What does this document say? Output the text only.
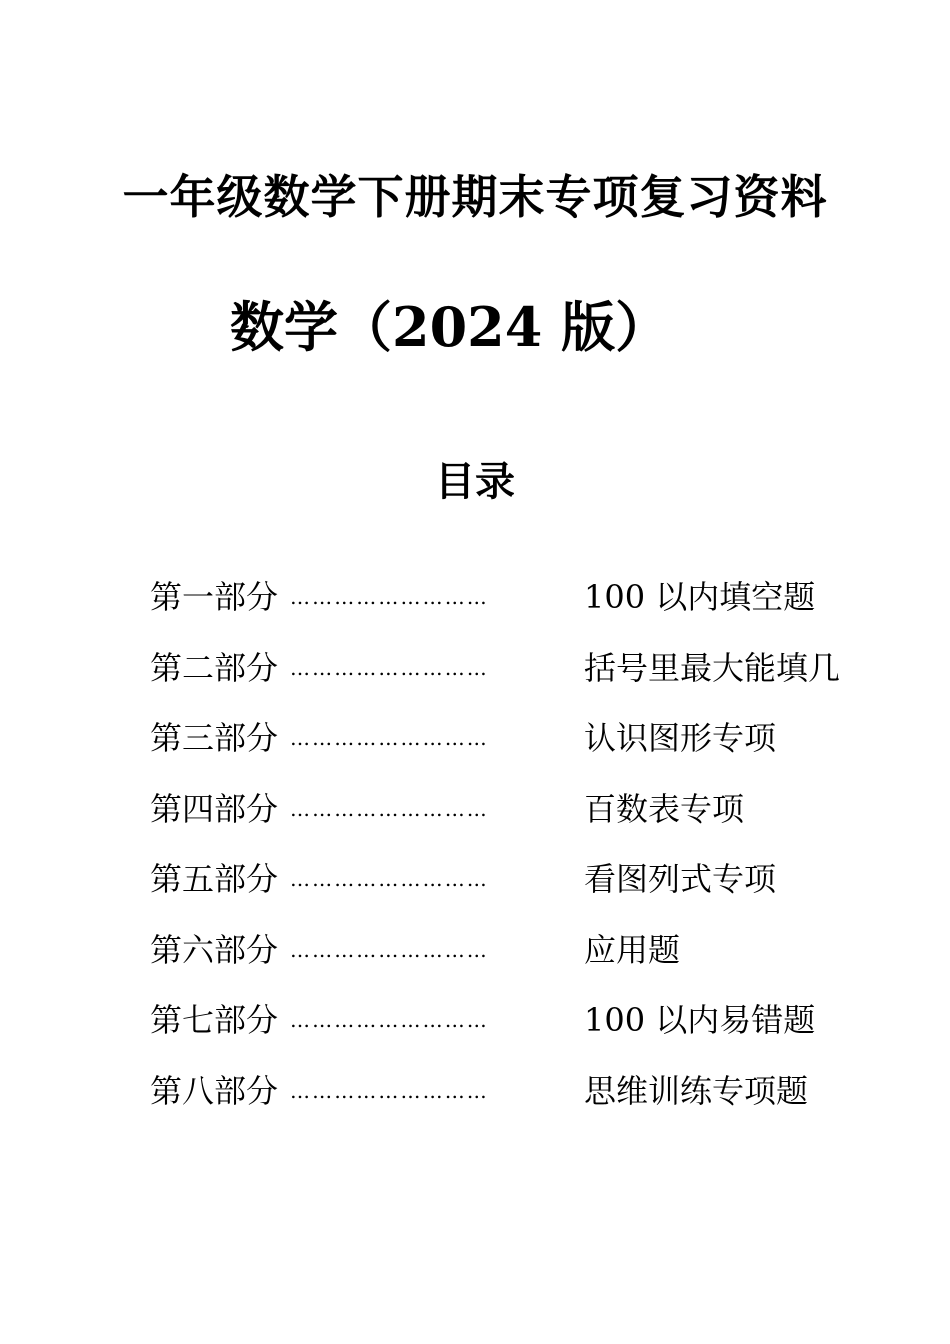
一年级数学下册期末专项复习资料
数学（2024 版）
目录
第一部分 ………………………	100 以内填空题
第二部分 ………………………	括号里最大能填几
第三部分 ………………………	认识图形专项
第四部分 ………………………	百数表专项
第五部分 ………………………	看图列式专项
第六部分 ………………………	应用题
第七部分 ………………………	100 以内易错题
第八部分 ………………………	思维训练专项题
